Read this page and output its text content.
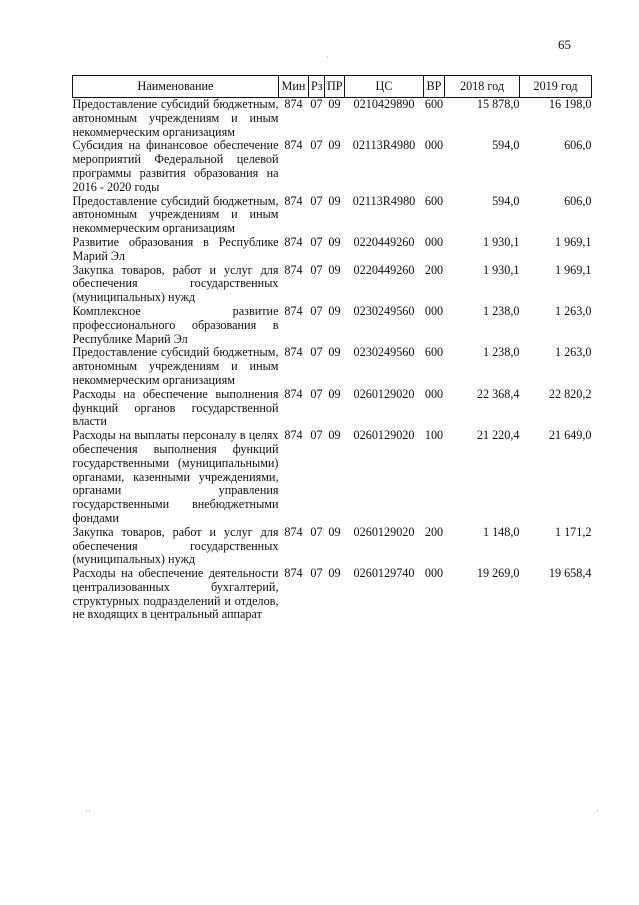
65
Наименование	Мин	Рз	ПР	ЦС	ВР	2018 год	2019 год
Предоставление субсидий бюджетным, автономным учреждениям и иным некоммерческим организациям	874	07	09	0210429890	600	15 878,0	16 198,0
Субсидия на финансовое обеспечение мероприятий Федеральной целевой программы развития образования на 2016 - 2020 годы	874	07	09	02113R4980	000	594,0	606,0
Предоставление субсидий бюджетным, автономным учреждениям и иным некоммерческим организациям	874	07	09	02113R4980	600	594,0	606,0
Развитие образования в Республике Марий Эл	874	07	09	0220449260	000	1 930,1	1 969,1
Закупка товаров, работ и услуг для обеспечения государственных (муниципальных) нужд	874	07	09	0220449260	200	1 930,1	1 969,1
Комплексное развитие профессионального образования в Республике Марий Эл	874	07	09	0230249560	000	1 238,0	1 263,0
Предоставление субсидий бюджетным, автономным учреждениям и иным некоммерческим организациям	874	07	09	0230249560	600	1 238,0	1 263,0
Расходы на обеспечение выполнения функций органов государственной власти	874	07	09	0260129020	000	22 368,4	22 820,2
Расходы на выплаты персоналу в целях обеспечения выполнения функций государственными (муниципальными) органами, казенными учреждениями, органами управления государственными внебюджетными фондами	874	07	09	0260129020	100	21 220,4	21 649,0
Закупка товаров, работ и услуг для обеспечения государственных (муниципальных) нужд	874	07	09	0260129020	200	1 148,0	1 171,2
Расходы на обеспечение деятельности централизованных бухгалтерий, структурных подразделений и отделов, не входящих в центральный аппарат	874	07	09	0260129740	000	19 269,0	19 658,4
·
··	·
